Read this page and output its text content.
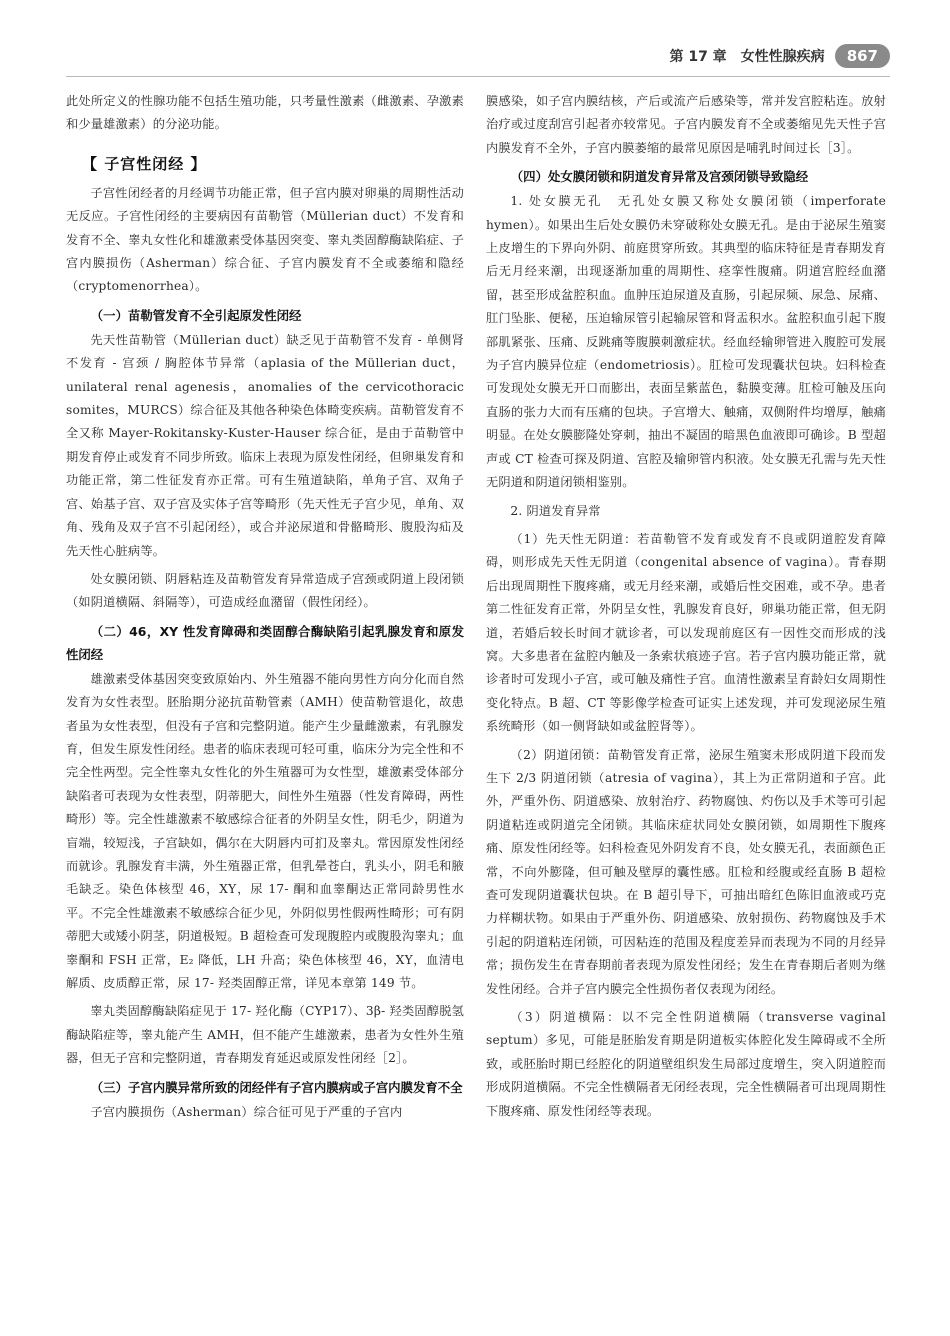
第 17 章　女性性腺疾病	867

此处所定义的性腺功能不包括生殖功能，只考量性激素（雌激素、孕激素和少量雄激素）的分泌功能。

【 子宫性闭经 】

子宫性闭经者的月经调节功能正常，但子宫内膜对卵巢的周期性活动无反应。子宫性闭经的主要病因有苗勒管（Müllerian duct）不发育和发育不全、睾丸女性化和雄激素受体基因突变、睾丸类固醇酶缺陷症、子宫内膜损伤（Asherman）综合征、子宫内膜发育不全或萎缩和隐经（cryptomenorrhea）。

（一）苗勒管发育不全引起原发性闭经

先天性苗勒管（Müllerian duct）缺乏见于苗勒管不发育 - 单侧肾不发育 - 宫颈 / 胸腔体节异常（aplasia of the Müllerian duct，unilateral renal agenesis，anomalies of the cervicothoracic somites，MURCS）综合征及其他各种染色体畸变疾病。苗勒管发育不全又称 Mayer-Rokitansky-Kuster-Hauser 综合征，是由于苗勒管中期发育停止或发育不同步所致。临床上表现为原发性闭经，但卵巢发育和功能正常，第二性征发育亦正常。可有生殖道缺陷，单角子宫、双角子宫、始基子宫、双子宫及实体子宫等畸形（先天性无子宫少见，单角、双角、残角及双子宫不引起闭经），或合并泌尿道和骨骼畸形、腹股沟疝及先天性心脏病等。

处女膜闭锁、阴唇粘连及苗勒管发育异常造成子宫颈或阴道上段闭锁（如阴道横隔、斜隔等），可造成经血潴留（假性闭经）。

（二）46，XY 性发育障碍和类固醇合酶缺陷引起乳腺发育和原发性闭经

雄激素受体基因突变致原始内、外生殖器不能向男性方向分化而自然发育为女性表型。胚胎期分泌抗苗勒管素（AMH）使苗勒管退化，故患者虽为女性表型，但没有子宫和完整阴道。能产生少量雌激素，有乳腺发育，但发生原发性闭经。患者的临床表现可轻可重，临床分为完全性和不完全性两型。完全性睾丸女性化的外生殖器可为女性型，雄激素受体部分缺陷者可表现为女性表型，阴蒂肥大，间性外生殖器（性发育障碍，两性畸形）等。完全性雄激素不敏感综合征者的外阴呈女性，阴毛少，阴道为盲端，较短浅，子宫缺如，偶尔在大阴唇内可扪及睾丸。常因原发性闭经而就诊。乳腺发育丰满，外生殖器正常，但乳晕苍白，乳头小，阴毛和腋毛缺乏。染色体核型 46，XY，尿 17- 酮和血睾酮达正常同龄男性水平。不完全性雄激素不敏感综合征少见，外阴似男性假两性畸形；可有阴蒂肥大或矮小阴茎，阴道极短。B 超检查可发现腹腔内或腹股沟睾丸；血睾酮和 FSH 正常，E₂ 降低，LH 升高；染色体核型 46，XY，血清电解质、皮质醇正常，尿 17- 羟类固醇正常，详见本章第 149 节。

睾丸类固醇酶缺陷症见于 17- 羟化酶（CYP17）、3β- 羟类固醇脱氢酶缺陷症等，睾丸能产生 AMH，但不能产生雄激素，患者为女性外生殖器，但无子宫和完整阴道，青春期发育延迟或原发性闭经［2］。

（三）子宫内膜异常所致的闭经伴有子宫内膜病或子宫内膜发育不全

子宫内膜损伤（Asherman）综合征可见于严重的子宫内

膜感染，如子宫内膜结核，产后或流产后感染等，常并发宫腔粘连。放射治疗或过度刮宫引起者亦较常见。子宫内膜发育不全或萎缩见先天性子宫内膜发育不全外，子宫内膜萎缩的最常见原因是哺乳时间过长［3］。

（四）处女膜闭锁和阴道发育异常及宫颈闭锁导致隐经

1. 处女膜无孔　无孔处女膜又称处女膜闭锁（imperforate hymen）。如果出生后处女膜仍未穿破称处女膜无孔。是由于泌尿生殖窦上皮增生的下界向外阴、前庭贯穿所致。其典型的临床特征是青春期发育后无月经来潮，出现逐渐加重的周期性、痉挛性腹痛。阴道宫腔经血潴留，甚至形成盆腔积血。血肿压迫尿道及直肠，引起尿频、尿急、尿痛、肛门坠胀、便秘，压迫输尿管引起输尿管和肾盂积水。盆腔积血引起下腹部肌紧张、压痛、反跳痛等腹膜刺激症状。经血经输卵管进入腹腔可发展为子宫内膜异位症（endometriosis）。肛检可发现囊状包块。妇科检查可发现处女膜无开口而膨出，表面呈紫蓝色，黏膜变薄。肛检可触及压向直肠的张力大而有压痛的包块。子宫增大、触痛，双侧附件均增厚，触痛明显。在处女膜膨隆处穿刺，抽出不凝固的暗黑色血液即可确诊。B 型超声或 CT 检查可探及阴道、宫腔及输卵管内积液。处女膜无孔需与先天性无阴道和阴道闭锁相鉴别。

2. 阴道发育异常

（1）先天性无阴道：若苗勒管不发育或发育不良或阴道腔发育障碍，则形成先天性无阴道（congenital absence of vagina）。青春期后出现周期性下腹疼痛，或无月经来潮，或婚后性交困难，或不孕。患者第二性征发育正常，外阴呈女性，乳腺发育良好，卵巢功能正常，但无阴道，若婚后较长时间才就诊者，可以发现前庭区有一因性交而形成的浅窝。大多患者在盆腔内触及一条索状痕迹子宫。若子宫内膜功能正常，就诊者时可发现小子宫，或可触及痛性子宫。血清性激素呈育龄妇女周期性变化特点。B 超、CT 等影像学检查可证实上述发现，并可发现泌尿生殖系统畸形（如一侧肾缺如或盆腔肾等）。

（2）阴道闭锁：苗勒管发育正常，泌尿生殖窦未形成阴道下段而发生下 2/3 阴道闭锁（atresia of vagina），其上为正常阴道和子宫。此外，严重外伤、阴道感染、放射治疗、药物腐蚀、灼伤以及手术等可引起阴道粘连或阴道完全闭锁。其临床症状同处女膜闭锁，如周期性下腹疼痛、原发性闭经等。妇科检查见外阴发育不良，处女膜无孔，表面颜色正常，不向外膨隆，但可触及壁厚的囊性感。肛检和经腹或经直肠 B 超检查可发现阴道囊状包块。在 B 超引导下，可抽出暗红色陈旧血液或巧克力样糊状物。如果由于严重外伤、阴道感染、放射损伤、药物腐蚀及手术引起的阴道粘连闭锁，可因粘连的范围及程度差异而表现为不同的月经异常；损伤发生在青春期前者表现为原发性闭经；发生在青春期后者则为继发性闭经。合并子宫内膜完全性损伤者仅表现为闭经。

（3）阴道横隔：以不完全性阴道横隔（transverse vaginal septum）多见，可能是胚胎发育期是阴道板实体腔化发生障碍或不全所致，或胚胎时期已经腔化的阴道壁组织发生局部过度增生，突入阴道腔而形成阴道横隔。不完全性横隔者无闭经表现，完全性横隔者可出现周期性下腹疼痛、原发性闭经等表现。
